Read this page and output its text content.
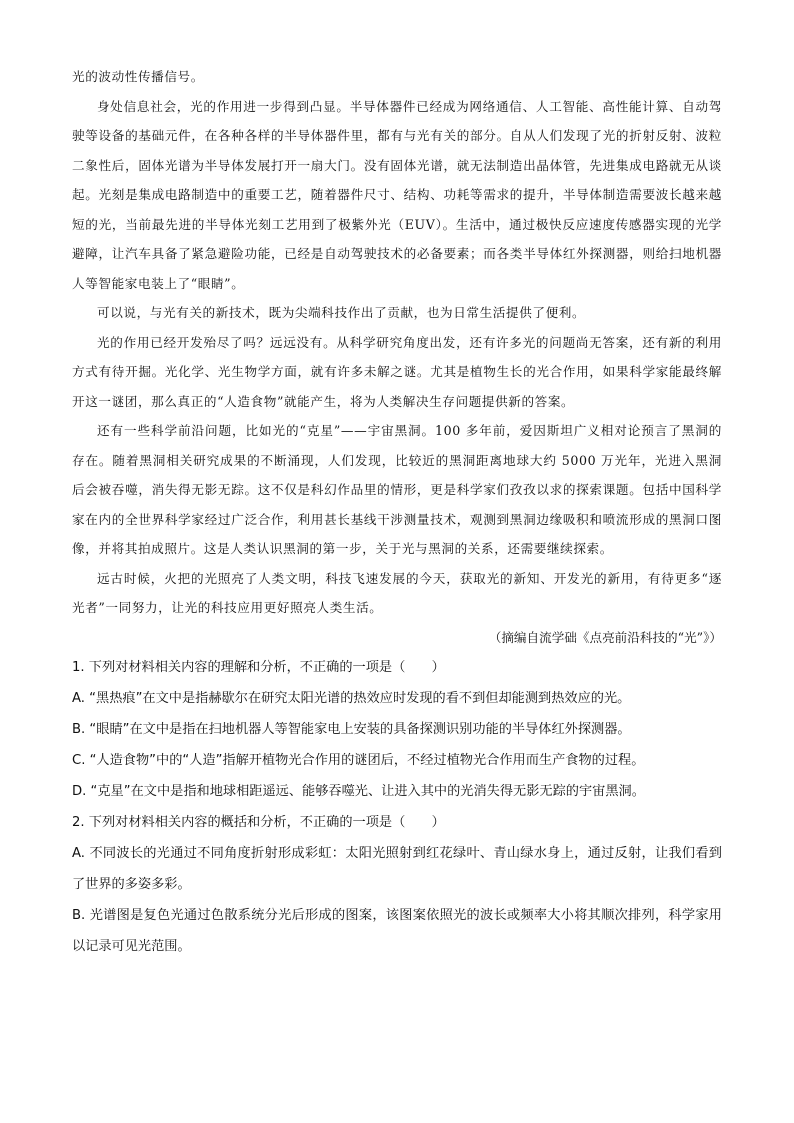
光的波动性传播信号。

身处信息社会，光的作用进一步得到凸显。半导体器件已经成为网络通信、人工智能、高性能计算、自动驾驶等设备的基础元件，在各种各样的半导体器件里，都有与光有关的部分。自从人们发现了光的折射反射、波粒二象性后，固体光谱为半导体发展打开一扇大门。没有固体光谱，就无法制造出晶体管，先进集成电路就无从谈起。光刻是集成电路制造中的重要工艺，随着器件尺寸、结构、功耗等需求的提升，半导体制造需要波长越来越短的光，当前最先进的半导体光刻工艺用到了极紫外光（EUV）。生活中，通过极快反应速度传感器实现的光学避障，让汽车具备了紧急避险功能，已经是自动驾驶技术的必备要素；而各类半导体红外探测器，则给扫地机器人等智能家电装上了“眼睛”。

可以说，与光有关的新技术，既为尖端科技作出了贡献，也为日常生活提供了便利。

光的作用已经开发殆尽了吗？远远没有。从科学研究角度出发，还有许多光的问题尚无答案，还有新的利用方式有待开掘。光化学、光生物学方面，就有许多未解之谜。尤其是植物生长的光合作用，如果科学家能最终解开这一谜团，那么真正的“人造食物”就能产生，将为人类解决生存问题提供新的答案。

还有一些科学前沿问题，比如光的“克星”——宇宙黑洞。100 多年前，爱因斯坦广义相对论预言了黑洞的存在。随着黑洞相关研究成果的不断涌现，人们发现，比较近的黑洞距离地球大约 5000 万光年，光进入黑洞后会被吞噬，消失得无影无踪。这不仅是科幻作品里的情形，更是科学家们孜孜以求的探索课题。包括中国科学家在内的全世界科学家经过广泛合作，利用甚长基线干涉测量技术，观测到黑洞边缘吸积和喷流形成的黑洞口图像，并将其拍成照片。这是人类认识黑洞的第一步，关于光与黑洞的关系，还需要继续探索。

远古时候，火把的光照亮了人类文明，科技飞速发展的今天，获取光的新知、开发光的新用，有待更多“逐光者”一同努力，让光的科技应用更好照亮人类生活。

（摘编自流学础《点亮前沿科技的“光”》）

1. 下列对材料相关内容的理解和分析，不正确的一项是（　　）

A. “黑热痕”在文中是指赫歇尔在研究太阳光谱的热效应时发现的看不到但却能测到热效应的光。

B. “眼睛”在文中是指在扫地机器人等智能家电上安装的具备探测识别功能的半导体红外探测器。

C. “人造食物”中的“人造”指解开植物光合作用的谜团后，不经过植物光合作用而生产食物的过程。

D. “克星”在文中是指和地球相距遥远、能够吞噬光、让进入其中的光消失得无影无踪的宇宙黑洞。

2. 下列对材料相关内容的概括和分析，不正确的一项是（　　）

A. 不同波长的光通过不同角度折射形成彩虹：太阳光照射到红花绿叶、青山绿水身上，通过反射，让我们看到了世界的多姿多彩。

B. 光谱图是复色光通过色散系统分光后形成的图案，该图案依照光的波长或频率大小将其顺次排列，科学家用以记录可见光范围。
